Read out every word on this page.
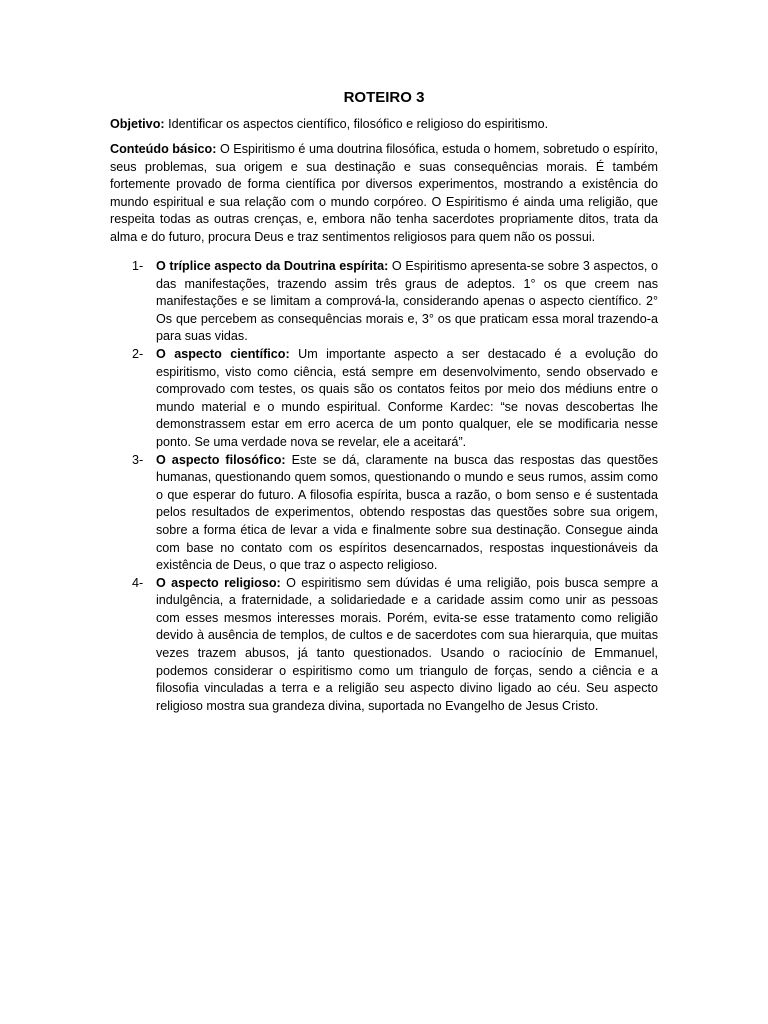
ROTEIRO 3
Objetivo: Identificar os aspectos científico, filosófico e religioso do espiritismo.

Conteúdo básico: O Espiritismo é uma doutrina filosófica, estuda o homem, sobretudo o espírito, seus problemas, sua origem e sua destinação e suas consequências morais. É também fortemente provado de forma científica por diversos experimentos, mostrando a existência do mundo espiritual e sua relação com o mundo corpóreo. O Espiritismo é ainda uma religião, que respeita todas as outras crenças, e, embora não tenha sacerdotes propriamente ditos, trata da alma e do futuro, procura Deus e traz sentimentos religiosos para quem não os possui.

1-	O tríplice aspecto da Doutrina espírita: O Espiritismo apresenta-se sobre 3 aspectos, o das manifestações, trazendo assim três graus de adeptos. 1° os que creem nas manifestações e se limitam a comprová-la, considerando apenas o aspecto científico. 2° Os que percebem as consequências morais e, 3° os que praticam essa moral trazendo-a para suas vidas.
2-	O aspecto científico: Um importante aspecto a ser destacado é a evolução do espiritismo, visto como ciência, está sempre em desenvolvimento, sendo observado e comprovado com testes, os quais são os contatos feitos por meio dos médiuns entre o mundo material e o mundo espiritual. Conforme Kardec: “se novas descobertas lhe demonstrassem estar em erro acerca de um ponto qualquer, ele se modificaria nesse ponto. Se uma verdade nova se revelar, ele a aceitará”.
3-	O aspecto filosófico: Este se dá, claramente na busca das respostas das questões humanas, questionando quem somos, questionando o mundo e seus rumos, assim como o que esperar do futuro. A filosofia espírita, busca a razão, o bom senso e é sustentada pelos resultados de experimentos, obtendo respostas das questões sobre sua origem, sobre a forma ética de levar a vida e finalmente sobre sua destinação. Consegue ainda com base no contato com os espíritos desencarnados, respostas inquestionáveis da existência de Deus, o que traz o aspecto religioso.
4-	O aspecto religioso: O espiritismo sem dúvidas é uma religião, pois busca sempre a indulgência, a fraternidade, a solidariedade e a caridade assim como unir as pessoas com esses mesmos interesses morais. Porém, evita-se esse tratamento como religião devido à ausência de templos, de cultos e de sacerdotes com sua hierarquia, que muitas vezes trazem abusos, já tanto questionados. Usando o raciocínio de Emmanuel, podemos considerar o espiritismo como um triangulo de forças, sendo a ciência e a filosofia vinculadas a terra e a religião seu aspecto divino ligado ao céu. Seu aspecto religioso mostra sua grandeza divina, suportada no Evangelho de Jesus Cristo.
